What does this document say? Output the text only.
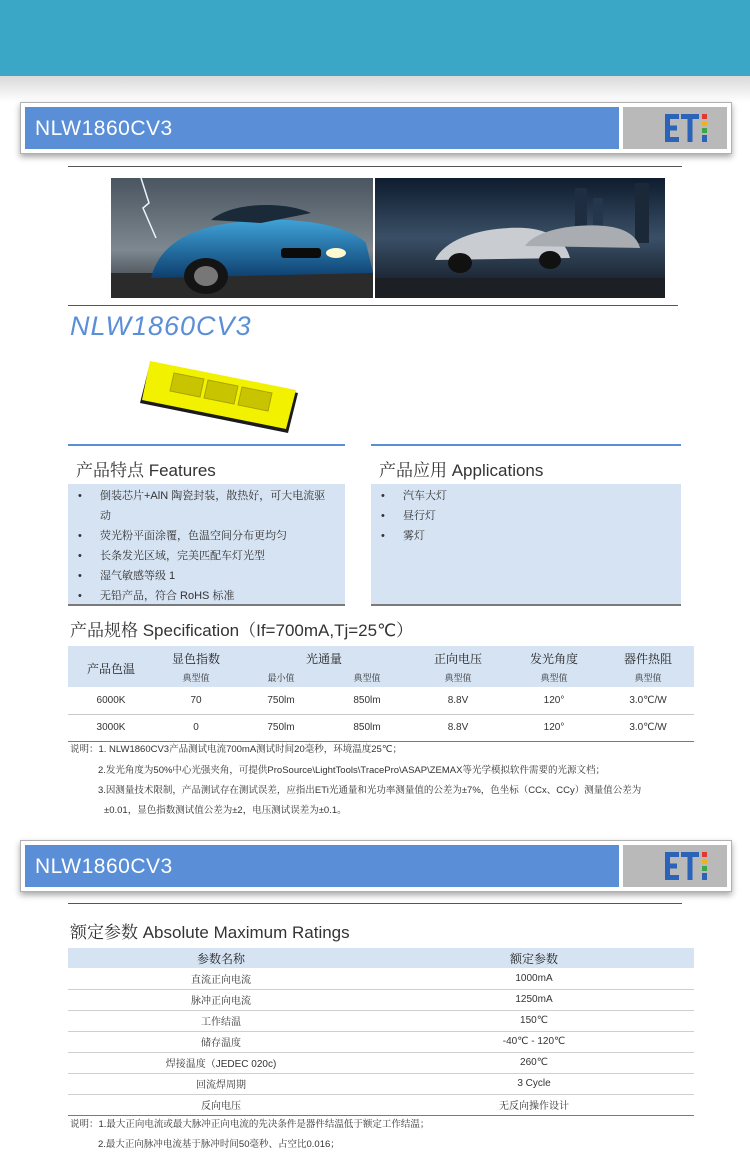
NLW1860CV3
NLW1860CV3
产品特点 Features
• 倒装芯片+AlN 陶瓷封装，散热好，可大电流驱
动
• 荧光粉平面涂覆，色温空间分布更均匀
• 长条发光区域，完美匹配车灯光型
• 湿气敏感等级 1
• 无铅产品，符合 RoHS 标准
产品应用 Applications
• 汽车大灯
• 昼行灯
• 雾灯
产品规格 Specification（If=700mA,Tj=25℃）
产品色温	显色指数	光通量		正向电压	发光角度	器件热阻
	典型值	最小值	典型值	典型值	典型值	典型值
6000K	70	750lm	850lm	8.8V	120°	3.0℃/W
3000K	0	750lm	850lm	8.8V	120°	3.0℃/W
说明：1. NLW1860CV3产品测试电流700mA测试时间20毫秒，环境温度25℃；
2.发光角度为50%中心光强夹角，可提供ProSource\LightTools\TracePro\ASAP\ZEMAX等光学模拟软件需要的光源文档；
3.因测量技术限制，产品测试存在测试误差，应指出ETi光通量和光功率测量值的公差为±7%，色坐标（CCx、CCy）测量值公差为
±0.01，显色指数测试值公差为±2，电压测试误差为±0.1。
NLW1860CV3
额定参数 Absolute Maximum Ratings
参数名称	额定参数
直流正向电流	1000mA
脉冲正向电流	1250mA
工作结温	150℃
储存温度	-40℃ - 120℃
焊接温度（JEDEC 020c)	260℃
回流焊周期	3 Cycle
反向电压	无反向操作设计
说明：1.最大正向电流或最大脉冲正向电流的先决条件是器件结温低于额定工作结温；
2.最大正向脉冲电流基于脉冲时间50毫秒、占空比0.016；
